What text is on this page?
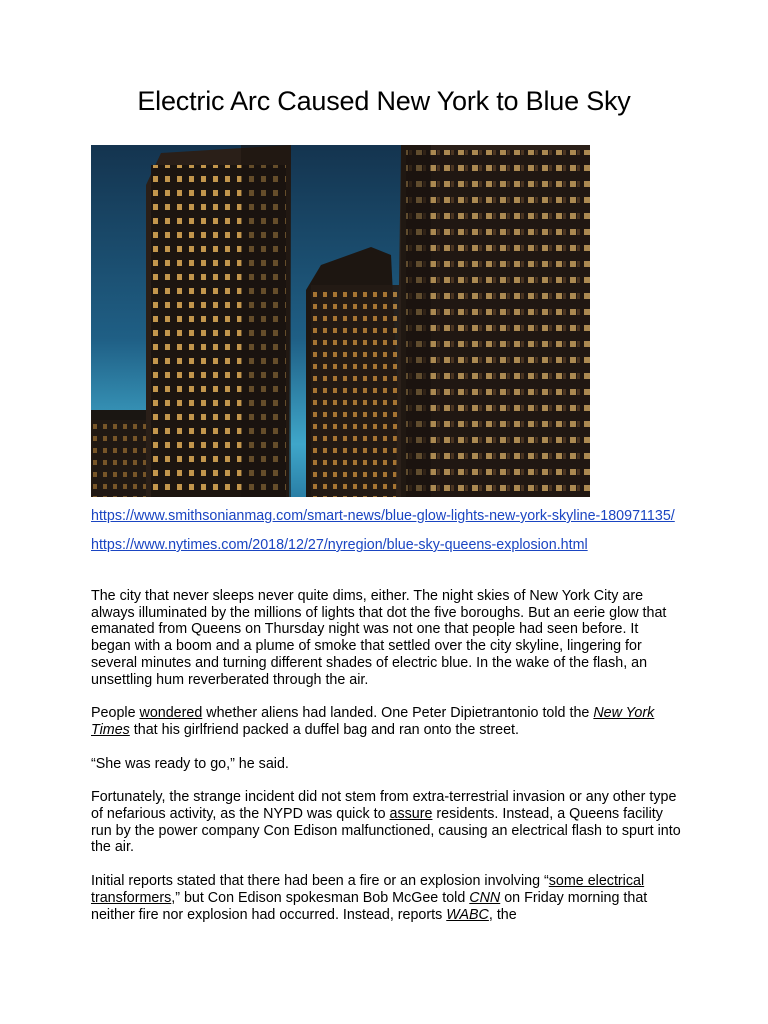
Electric Arc Caused New York to Blue Sky
https://www.smithsonianmag.com/smart-news/blue-glow-lights-new-york-skyline-180971135/
https://www.nytimes.com/2018/12/27/nyregion/blue-sky-queens-explosion.html

The city that never sleeps never quite dims, either. The night skies of New York City are always illuminated by the millions of lights that dot the five boroughs. But an eerie glow that emanated from Queens on Thursday night was not one that people had seen before. It began with a boom and a plume of smoke that settled over the city skyline, lingering for several minutes and turning different shades of electric blue. In the wake of the flash, an unsettling hum reverberated through the air.

People wondered whether aliens had landed. One Peter Dipietrantonio told the New York Times that his girlfriend packed a duffel bag and ran onto the street.

“She was ready to go,” he said.

Fortunately, the strange incident did not stem from extra-terrestrial invasion or any other type of nefarious activity, as the NYPD was quick to assure residents. Instead, a Queens facility run by the power company Con Edison malfunctioned, causing an electrical flash to spurt into the air.

Initial reports stated that there had been a fire or an explosion involving “some electrical transformers,” but Con Edison spokesman Bob McGee told CNN on Friday morning that neither fire nor explosion had occurred. Instead, reports WABC, the
